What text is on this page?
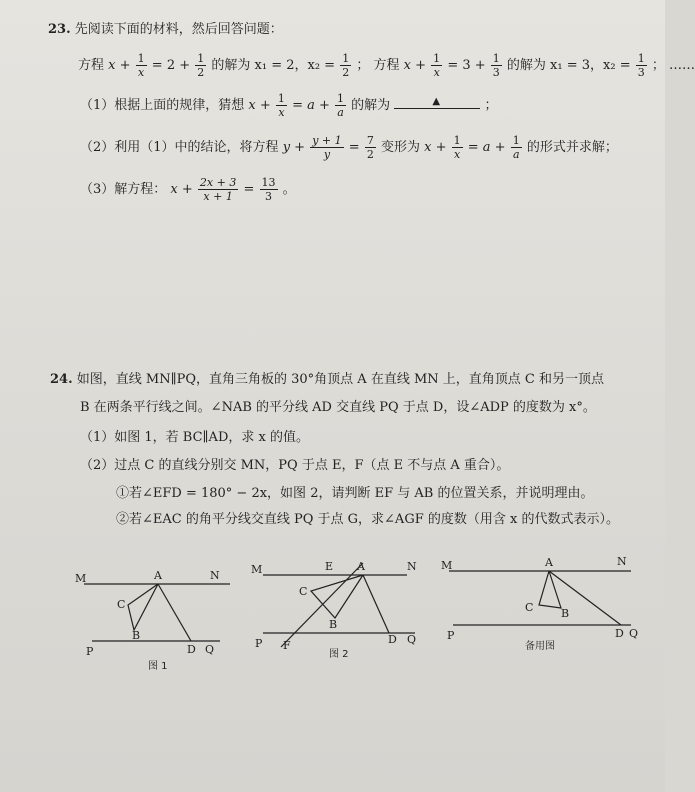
23. 先阅读下面的材料，然后回答问题：
方程 $x + \frac{1}{x} = 2 + \frac{1}{2}$ 的解为 x₁ = 2，$x_2 = \frac{1}{2}$ ； 方程 $x + \frac{1}{x} = 3 + \frac{1}{3}$ 的解为 x₁ = 3，$x_2 = \frac{1}{3}$ ； ……
（1）根据上面的规律，猜想 $x + \frac{1}{x} = a + \frac{1}{a}$ 的解为	▲	；
（2）利用（1）中的结论，将方程 $y + \frac{y + 1}{y} = \frac{7}{2}$ 变形为 $x + \frac{1}{x} = a + \frac{1}{a}$ 的形式并求解；
（3）解方程： $x + \frac{2x + 3}{x + 1} = \frac{13}{3}$ 。
24. 如图，直线 MN∥PQ，直角三角板的 30°角顶点 A 在直线 MN 上，直角顶点 C 和另一顶点
B 在两条平行线之间。∠NAB 的平分线 AD 交直线 PQ 于点 D，设∠ADP 的度数为 x°。
（1）如图 1，若 BC∥AD，求 x 的值。
（2）过点 C 的直线分别交 MN，PQ 于点 E，F（点 E 不与点 A 重合）。
①若∠EFD = 180° − 2x，如图 2，请判断 EF 与 AB 的位置关系，并说明理由。
②若∠EAC 的角平分线交直线 PQ 于点 G，求∠AGF 的度数（用含 x 的代数式表示）。
M	N
A
C
B
P	D Q
图 1
M	N
E A
C
B
P F	D Q
图 2
M	N
A
C	B
P	D Q
备用图
